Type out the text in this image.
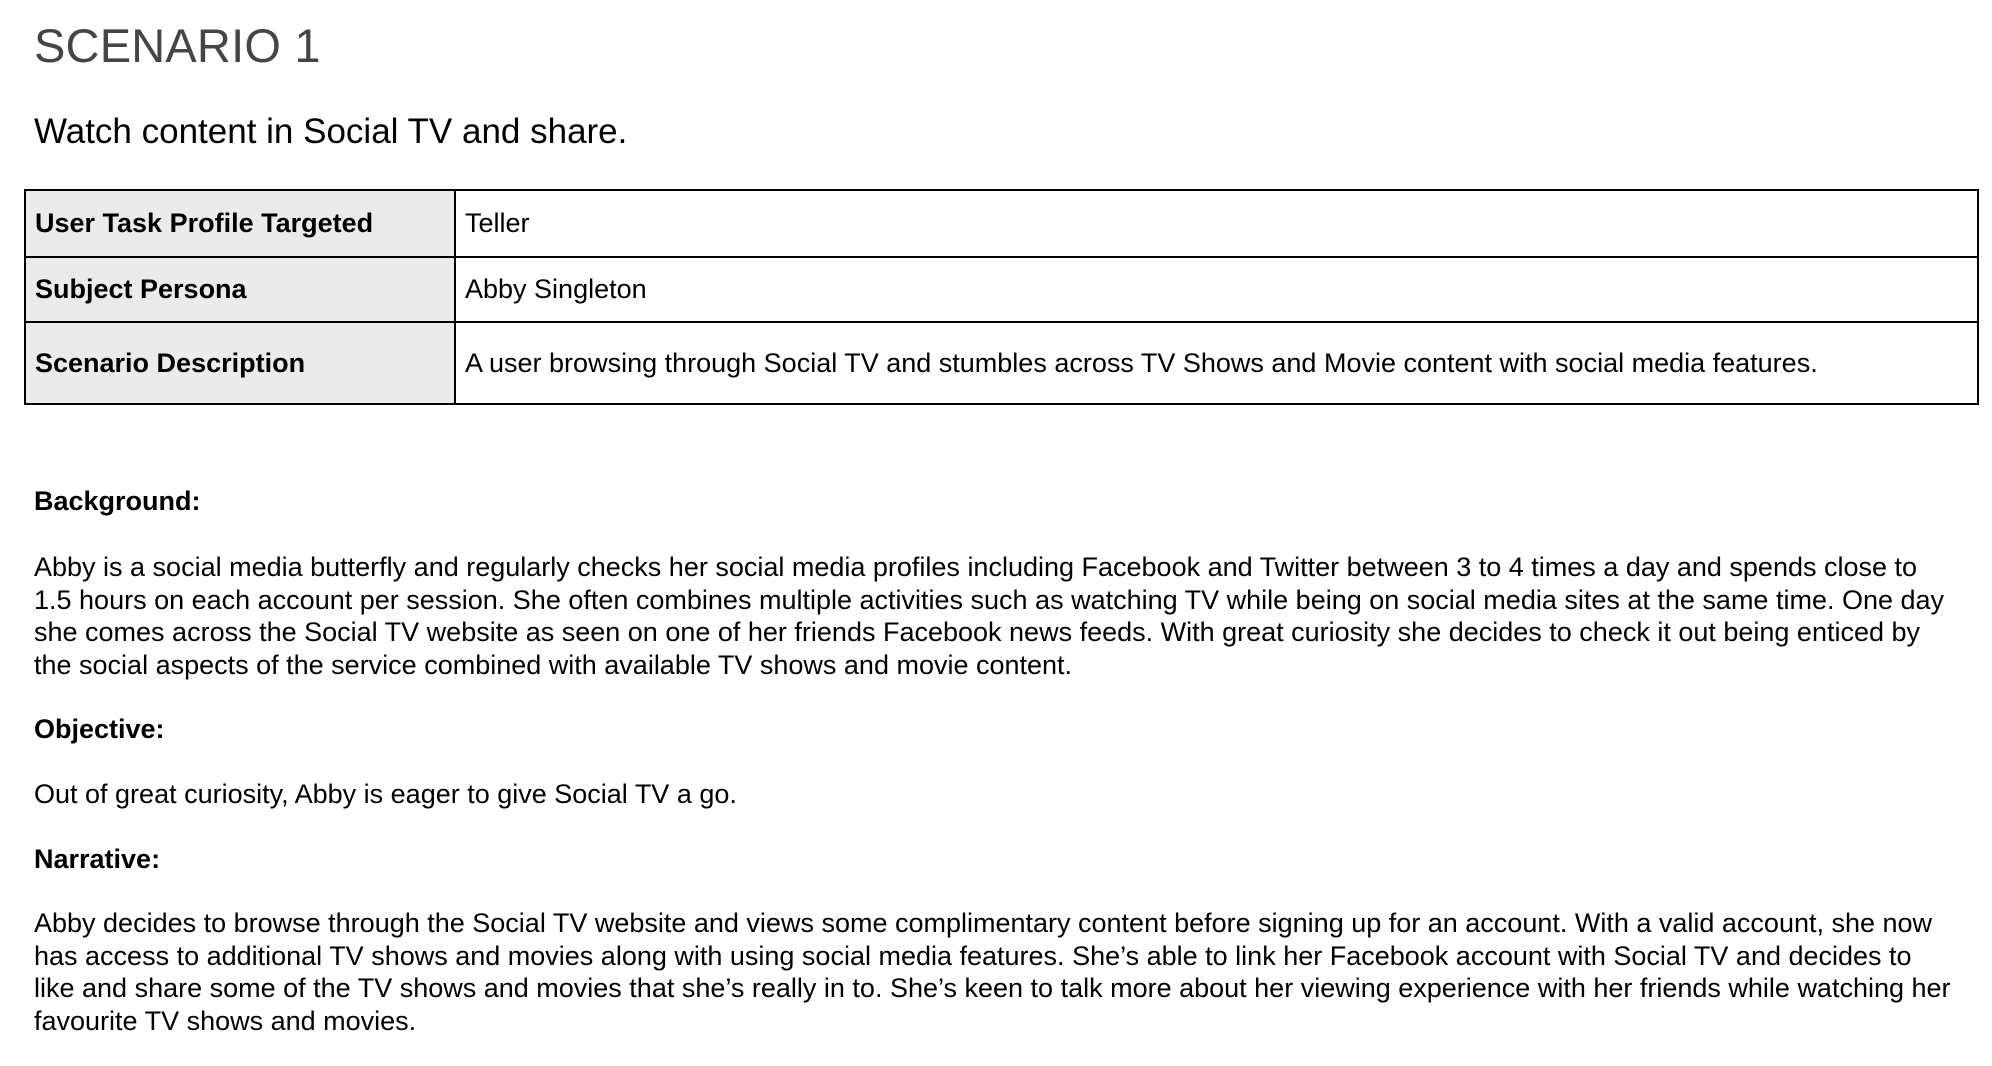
SCENARIO 1
Watch content in Social TV and share.
User Task Profile Targeted	Teller
Subject Persona	Abby Singleton
Scenario Description	A user browsing through Social TV and stumbles across TV Shows and Movie content with social media features.

Background:

Abby is a social media butterfly and regularly checks her social media profiles including Facebook and Twitter between 3 to 4 times a day and spends close to 1.5 hours on each account per session. She often combines multiple activities such as watching TV while being on social media sites at the same time. One day she comes across the Social TV website as seen on one of her friends Facebook news feeds. With great curiosity she decides to check it out being enticed by the social aspects of the service combined with available TV shows and movie content.

Objective:

Out of great curiosity, Abby is eager to give Social TV a go.

Narrative:

Abby decides to browse through the Social TV website and views some complimentary content before signing up for an account. With a valid account, she now has access to additional TV shows and movies along with using social media features. She’s able to link her Facebook account with Social TV and decides to like and share some of the TV shows and movies that she’s really in to. She’s keen to talk more about her viewing experience with her friends while watching her favourite TV shows and movies.
